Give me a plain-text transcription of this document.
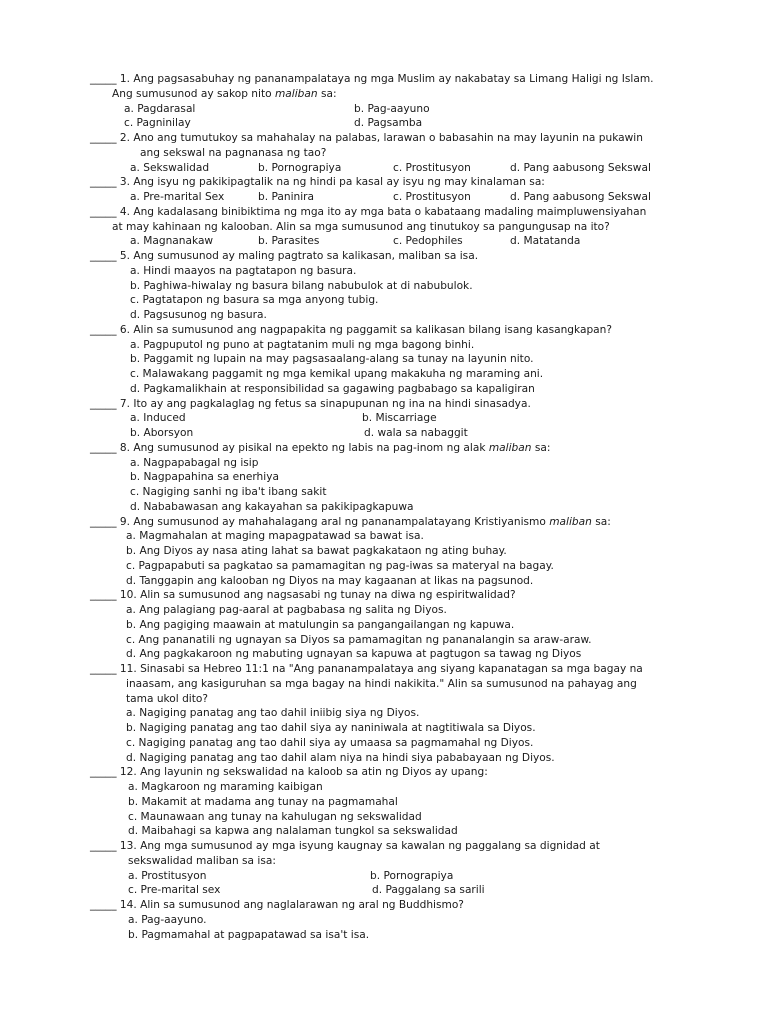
_____ 1. Ang pagsasabuhay ng pananampalataya ng mga Muslim ay nakabatay sa Limang Haligi ng Islam.
Ang sumusunod ay sakop nito maliban sa:
a. Pagdarasal	b. Pag-aayuno
c. Pagninilay	d. Pagsamba
_____ 2. Ano ang tumutukoy sa mahahalay na palabas, larawan o babasahin na may layunin na pukawin
ang sekswal na pagnanasa ng tao?
a. Sekswalidad	b. Pornograpiya	c. Prostitusyon	d. Pang aabusong Sekswal
_____ 3. Ang isyu ng pakikipagtalik na ng hindi pa kasal ay isyu ng may kinalaman sa:
a. Pre-marital Sex	b. Paninira	c. Prostitusyon	d. Pang aabusong Sekswal
_____ 4. Ang kadalasang binibiktima ng mga ito ay mga bata o kabataang madaling maimpluwensiyahan
at may kahinaan ng kalooban. Alin sa mga sumusunod ang tinutukoy sa pangungusap na ito?
a. Magnanakaw	b. Parasites	c. Pedophiles	d. Matatanda
_____ 5. Ang sumusunod ay maling pagtrato sa kalikasan, maliban sa isa.
a. Hindi maayos na pagtatapon ng basura.
b. Paghiwa-hiwalay ng basura bilang nabubulok at di nabubulok.
c. Pagtatapon ng basura sa mga anyong tubig.
d. Pagsusunog ng basura.
_____ 6. Alin sa sumusunod ang nagpapakita ng paggamit sa kalikasan bilang isang kasangkapan?
a. Pagpuputol ng puno at pagtatanim muli ng mga bagong binhi.
b. Paggamit ng lupain na may pagsasaalang-alang sa tunay na layunin nito.
c. Malawakang paggamit ng mga kemikal upang makakuha ng maraming ani.
d. Pagkamalikhain at responsibilidad sa gagawing pagbabago sa kapaligiran
_____ 7. Ito ay ang pagkalaglag ng fetus sa sinapupunan ng ina na hindi sinasadya.
a. Induced	b. Miscarriage
b. Aborsyon	d. wala sa nabaggit
_____ 8. Ang sumusunod ay pisikal na epekto ng labis na pag-inom ng alak maliban sa:
a. Nagpapabagal ng isip
b. Nagpapahina sa enerhiya
c. Nagiging sanhi ng iba't ibang sakit
d. Nababawasan ang kakayahan sa pakikipagkapuwa
_____ 9. Ang sumusunod ay mahahalagang aral ng pananampalatayang Kristiyanismo maliban sa:
a. Magmahalan at maging mapagpatawad sa bawat isa.
b. Ang Diyos ay nasa ating lahat sa bawat pagkakataon ng ating buhay.
c. Pagpapabuti sa pagkatao sa pamamagitan ng pag-iwas sa materyal na bagay.
d. Tanggapin ang kalooban ng Diyos na may kagaanan at likas na pagsunod.
_____ 10. Alin sa sumusunod ang nagsasabi ng tunay na diwa ng espiritwalidad?
a. Ang palagiang pag-aaral at pagbabasa ng salita ng Diyos.
b. Ang pagiging maawain at matulungin sa pangangailangan ng kapuwa.
c. Ang pananatili ng ugnayan sa Diyos sa pamamagitan ng pananalangin sa araw-araw.
d. Ang pagkakaroon ng mabuting ugnayan sa kapuwa at pagtugon sa tawag ng Diyos
_____ 11. Sinasabi sa Hebreo 11:1 na "Ang pananampalataya ang siyang kapanatagan sa mga bagay na
inaasam, ang kasiguruhan sa mga bagay na hindi nakikita." Alin sa sumusunod na pahayag ang
tama ukol dito?
a. Nagiging panatag ang tao dahil iniibig siya ng Diyos.
b. Nagiging panatag ang tao dahil siya ay naniniwala at nagtitiwala sa Diyos.
c. Nagiging panatag ang tao dahil siya ay umaasa sa pagmamahal ng Diyos.
d. Nagiging panatag ang tao dahil alam niya na hindi siya pababayaan ng Diyos.
_____ 12. Ang layunin ng sekswalidad na kaloob sa atin ng Diyos ay upang:
a. Magkaroon ng maraming kaibigan
b. Makamit at madama ang tunay na pagmamahal
c. Maunawaan ang tunay na kahulugan ng sekswalidad
d. Maibahagi sa kapwa ang nalalaman tungkol sa sekswalidad
_____ 13. Ang mga sumusunod ay mga isyung kaugnay sa kawalan ng paggalang sa dignidad at
sekswalidad maliban sa isa:
a. Prostitusyon	b. Pornograpiya
c. Pre-marital sex	d. Paggalang sa sarili
_____ 14. Alin sa sumusunod ang naglalarawan ng aral ng Buddhismo?
a. Pag-aayuno.
b. Pagmamahal at pagpapatawad sa isa't isa.
